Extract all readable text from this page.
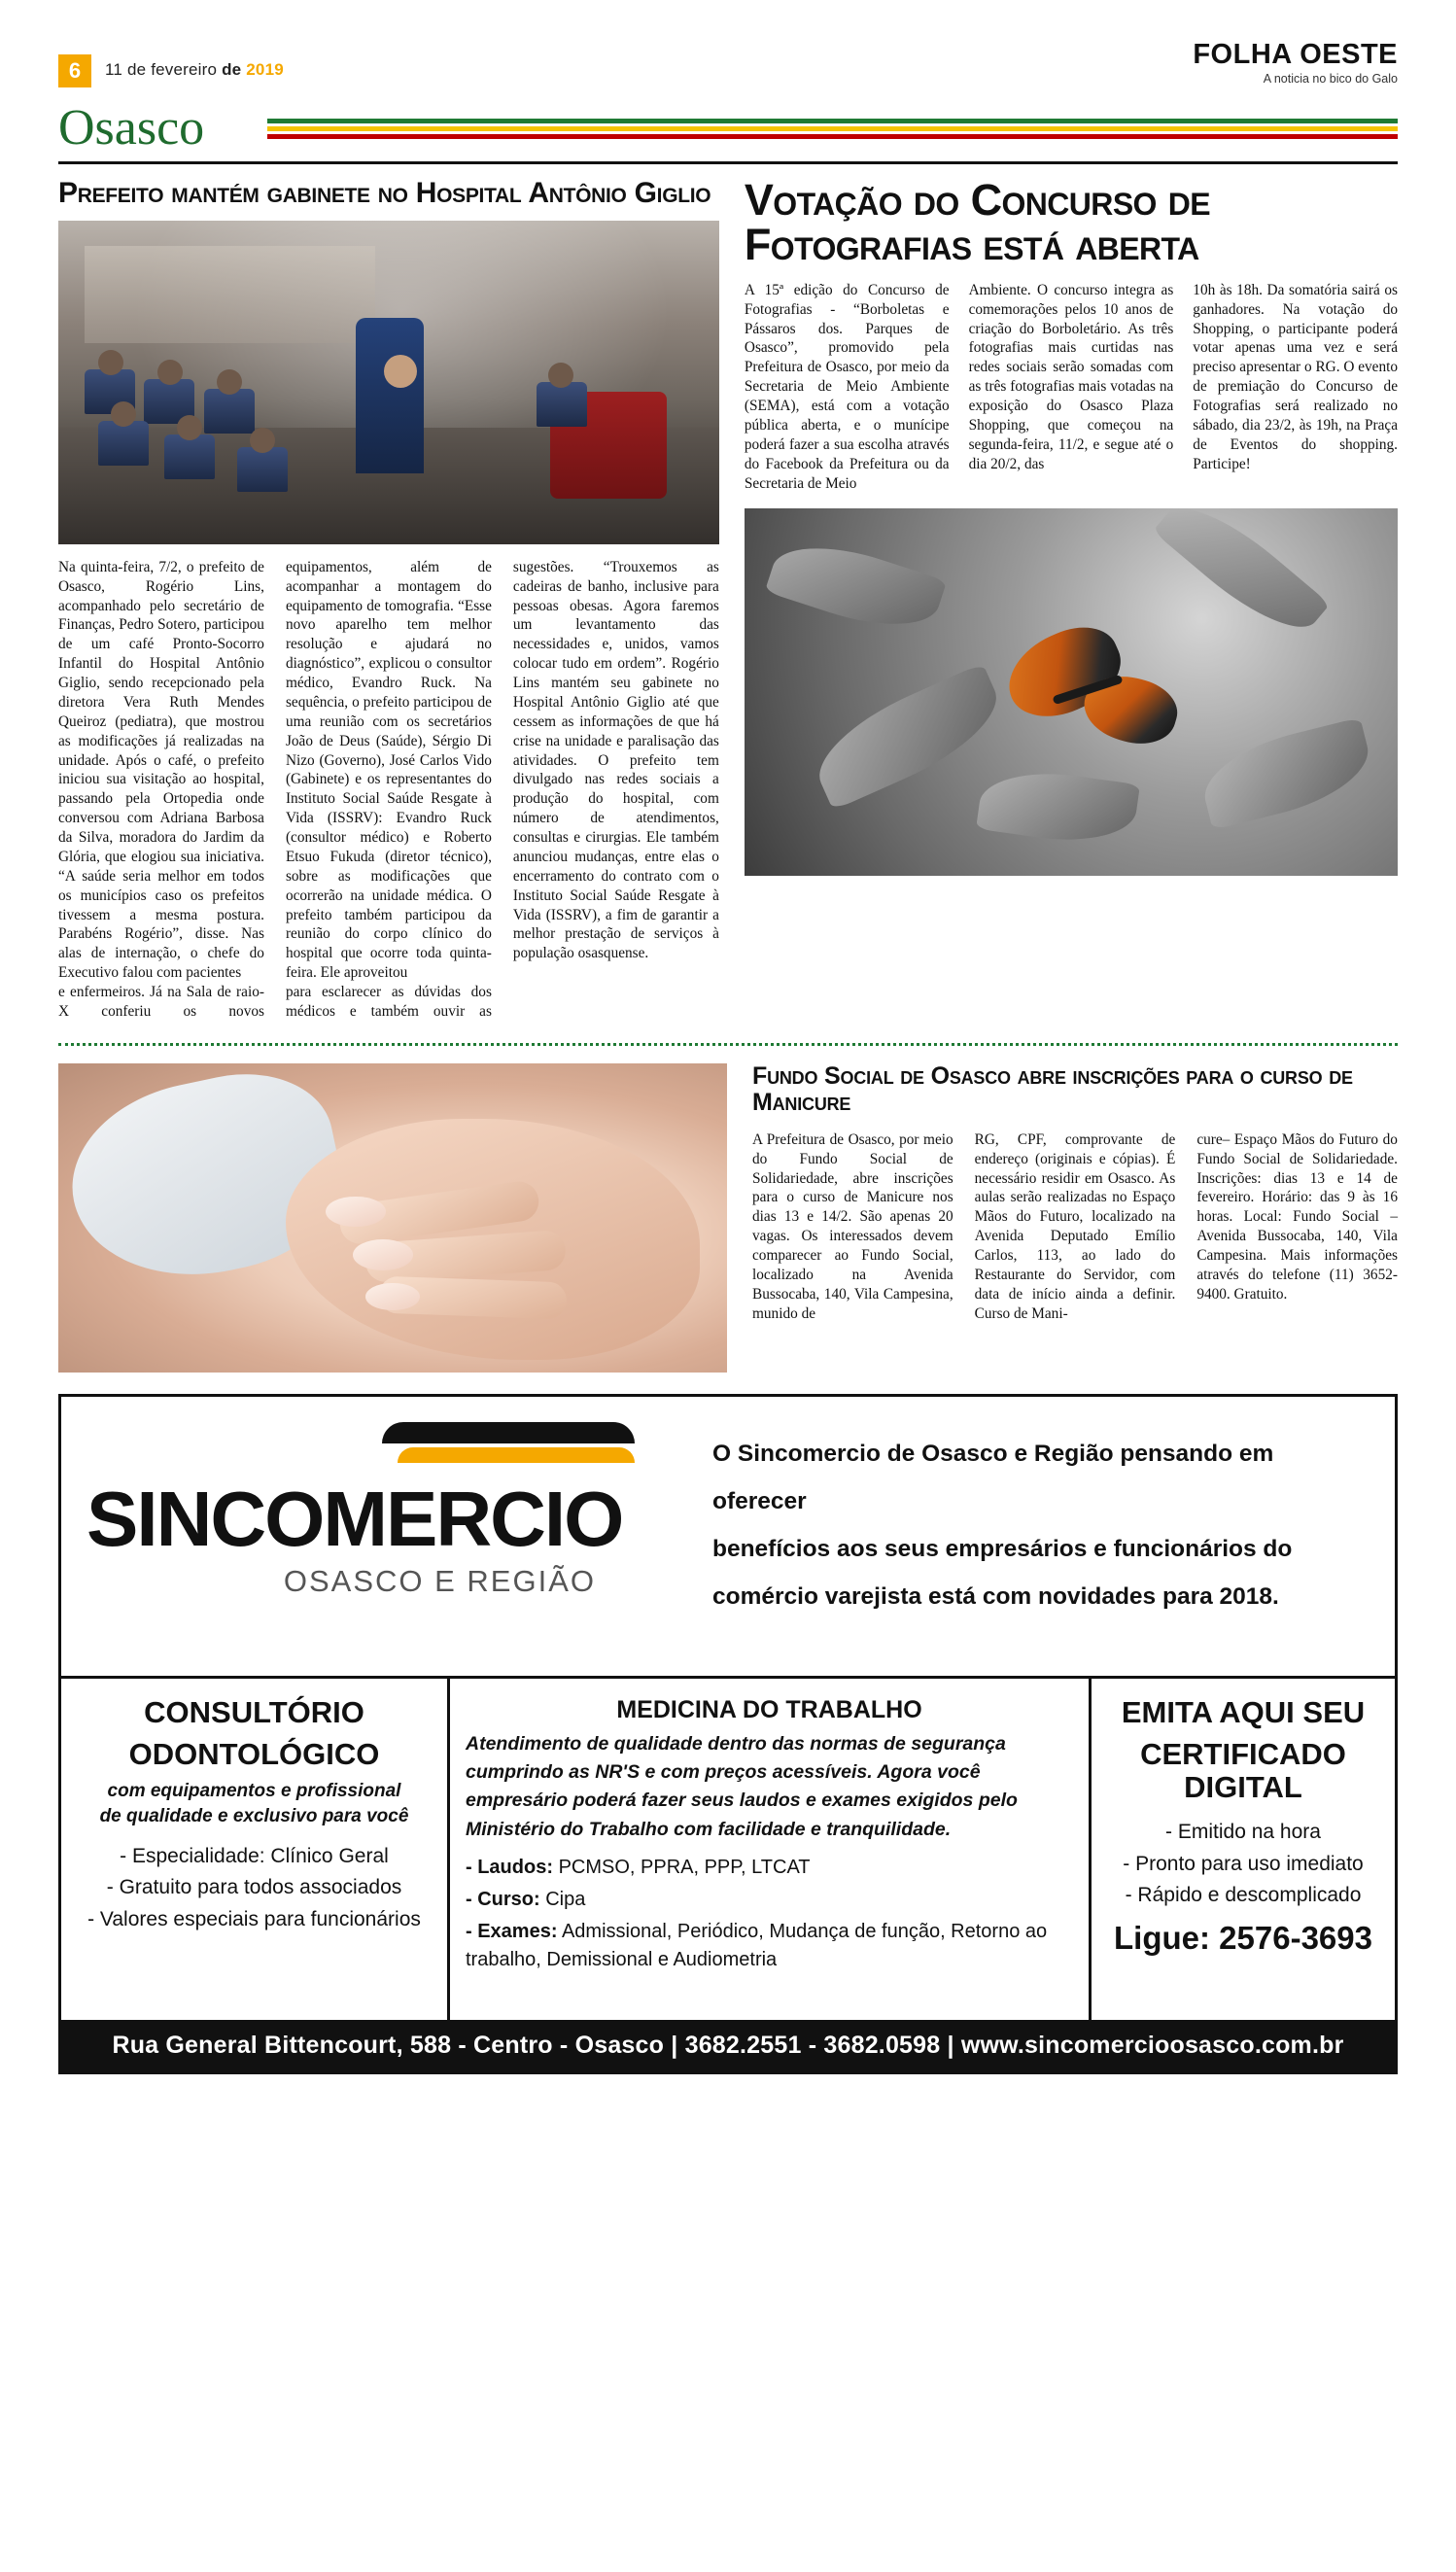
6	11 de fevereiro de 2019	FOLHA OESTE
A noticia no bico do Galo
Osasco
Prefeito mantém gabinete no Hospital Antônio Giglio

Na quinta-feira, 7/2, o prefeito de Osasco, Rogério Lins, acompanhado pelo secretário de Finanças, Pedro Sotero, participou de um café Pronto-Socorro Infantil do Hospital Antônio Giglio, sendo recepcionado pela diretora Vera Ruth Mendes Queiroz (pediatra), que mostrou as modificações já realizadas na unidade. Após o café, o prefeito iniciou sua visitação ao hospital, passando pela Ortopedia onde conversou com Adriana Barbosa da Silva, moradora do Jardim da Glória, que elogiou sua iniciativa. “A saúde seria melhor em todos os municípios caso os prefeitos tivessem a mesma postura. Parabéns Rogério”, disse. Nas alas de internação, o chefe do Executivo falou com pacientes

e enfermeiros. Já na Sala de raio-X conferiu os novos equipamentos, além de acompanhar a montagem do equipamento de tomografia. “Esse novo aparelho tem melhor resolução e ajudará no diagnóstico”, explicou o consultor médico, Evandro Ruck. Na sequência, o prefeito participou de uma reunião com os secretários João de Deus (Saúde), Sérgio Di Nizo (Governo), José Carlos Vido (Gabinete) e os representantes do Instituto Social Saúde Resgate à Vida (ISSRV): Evandro Ruck (consultor médico) e Roberto Etsuo Fukuda (diretor técnico), sobre as modificações que ocorrerão na unidade médica. O prefeito também participou da reunião do corpo clínico do hospital que ocorre toda quinta-feira. Ele aproveitou

para esclarecer as dúvidas dos médicos e também ouvir as sugestões. “Trouxemos as cadeiras de banho, inclusive para pessoas obesas. Agora faremos um levantamento das necessidades e, unidos, vamos colocar tudo em ordem”. Rogério Lins mantém seu gabinete no Hospital Antônio Giglio até que cessem as informações de que há crise na unidade e paralisação das atividades. O prefeito tem divulgado nas redes sociais a produção do hospital, com número de atendimentos, consultas e cirurgias. Ele também anunciou mudanças, entre elas o encerramento do contrato com o Instituto Social Saúde Resgate à Vida (ISSRV), a fim de garantir a melhor prestação de serviços à população osasquense.

Votação do Concurso de Fotografias está aberta

A 15ª edição do Concurso de Fotografias - “Borboletas e Pássaros dos. Parques de Osasco”, promovido pela Prefeitura de Osasco, por meio da Secretaria de Meio Ambiente (SEMA), está com a votação pública aberta, e o munícipe poderá fazer a sua escolha através do Facebook da Prefeitura ou da Secretaria de Meio

Ambiente. O concurso integra as comemorações pelos 10 anos de criação do Borboletário. As três fotografias mais curtidas nas redes sociais serão somadas com as três fotografias mais votadas na exposição do Osasco Plaza Shopping, que começou na segunda-feira, 11/2, e segue até o dia 20/2, das

10h às 18h. Da somatória sairá os ganhadores. Na votação do Shopping, o participante poderá votar apenas uma vez e será preciso apresentar o RG. O evento de premiação do Concurso de Fotografias será realizado no sábado, dia 23/2, às 19h, na Praça de Eventos do shopping. Participe!

Fundo Social de Osasco abre inscrições para o curso de Manicure

A Prefeitura de Osasco, por meio do Fundo Social de Solidariedade, abre inscrições para o curso de Manicure nos dias 13 e 14/2. São apenas 20 vagas. Os interessados devem comparecer ao Fundo Social, localizado na Avenida Bussocaba, 140, Vila Campesina, munido de

RG, CPF, comprovante de endereço (originais e cópias). É necessário residir em Osasco. As aulas serão realizadas no Espaço Mãos do Futuro, localizado na Avenida Deputado Emílio Carlos, 113, ao lado do Restaurante do Servidor, com data de início ainda a definir. Curso de Mani-

cure– Espaço Mãos do Futuro do Fundo Social de Solidariedade. Inscrições: dias 13 e 14 de fevereiro. Horário: das 9 às 16 horas. Local: Fundo Social – Avenida Bussocaba, 140, Vila Campesina. Mais informações através do telefone (11) 3652-9400. Gratuito.

SINCOMERCIO
OSASCO E REGIÃO
O Sincomercio de Osasco e Região pensando em oferecer
benefícios aos seus empresários e funcionários do
comércio varejista está com novidades para 2018.
CONSULTÓRIO
ODONTOLÓGICO
com equipamentos e profissional
de qualidade e exclusivo para você
- Especialidade: Clínico Geral
- Gratuito para todos associados
- Valores especiais para funcionários
MEDICINA DO TRABALHO
Atendimento de qualidade dentro das normas de segurança cumprindo as NR'S e com preços acessíveis. Agora você empresário poderá fazer seus laudos e exames exigidos pelo Ministério do Trabalho com facilidade e tranquilidade.
- Laudos: PCMSO, PPRA, PPP, LTCAT
- Curso: Cipa
- Exames: Admissional, Periódico, Mudança de função, Retorno ao trabalho, Demissional e Audiometria
EMITA AQUI SEU
CERTIFICADO DIGITAL
- Emitido na hora
- Pronto para uso imediato
- Rápido e descomplicado
Ligue: 2576-3693
Rua General Bittencourt, 588 - Centro - Osasco | 3682.2551 - 3682.0598 | www.sincomercioosasco.com.br
